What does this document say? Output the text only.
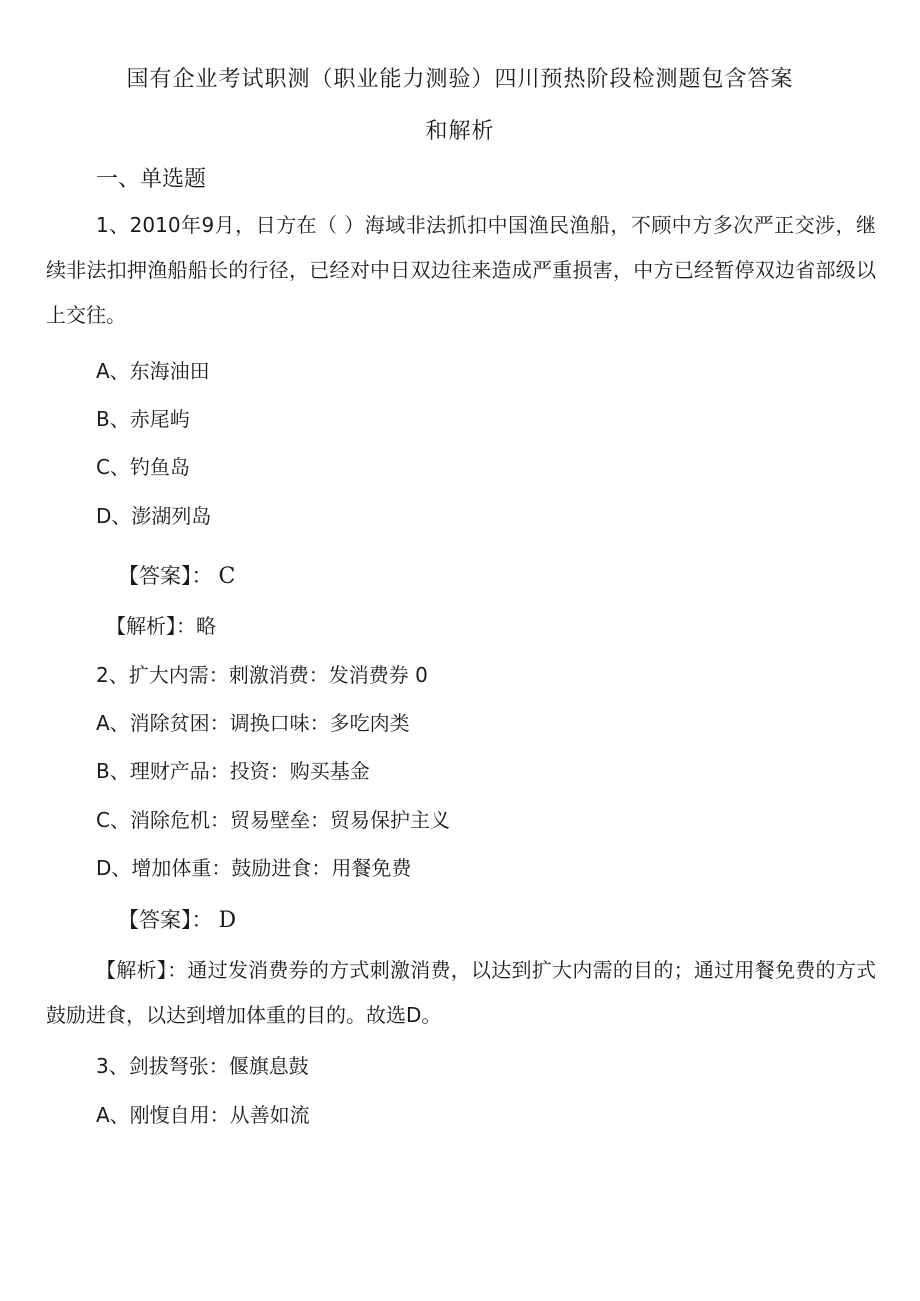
国有企业考试职测（职业能力测验）四川预热阶段检测题包含答案
和解析
一、单选题
1、2010年9月，日方在（ ）海域非法抓扣中国渔民渔船，不顾中方多次严正交涉，继续非法扣押渔船船长的行径，已经对中日双边往来造成严重损害，中方已经暂停双边省部级以上交往。
A、东海油田
B、赤尾屿
C、钓鱼岛
D、澎湖列岛
【答案】： C
【解析】：略
2、扩大内需：刺激消费：发消费券 0
A、消除贫困：调换口味：多吃肉类
B、理财产品：投资：购买基金
C、消除危机：贸易壁垒：贸易保护主义
D、增加体重：鼓励进食：用餐免费
【答案】： D
【解析】：通过发消费券的方式刺激消费，以达到扩大内需的目的；通过用餐免费的方式鼓励进食，以达到增加体重的目的。故选D。
3、剑拔弩张：偃旗息鼓
A、刚愎自用：从善如流
